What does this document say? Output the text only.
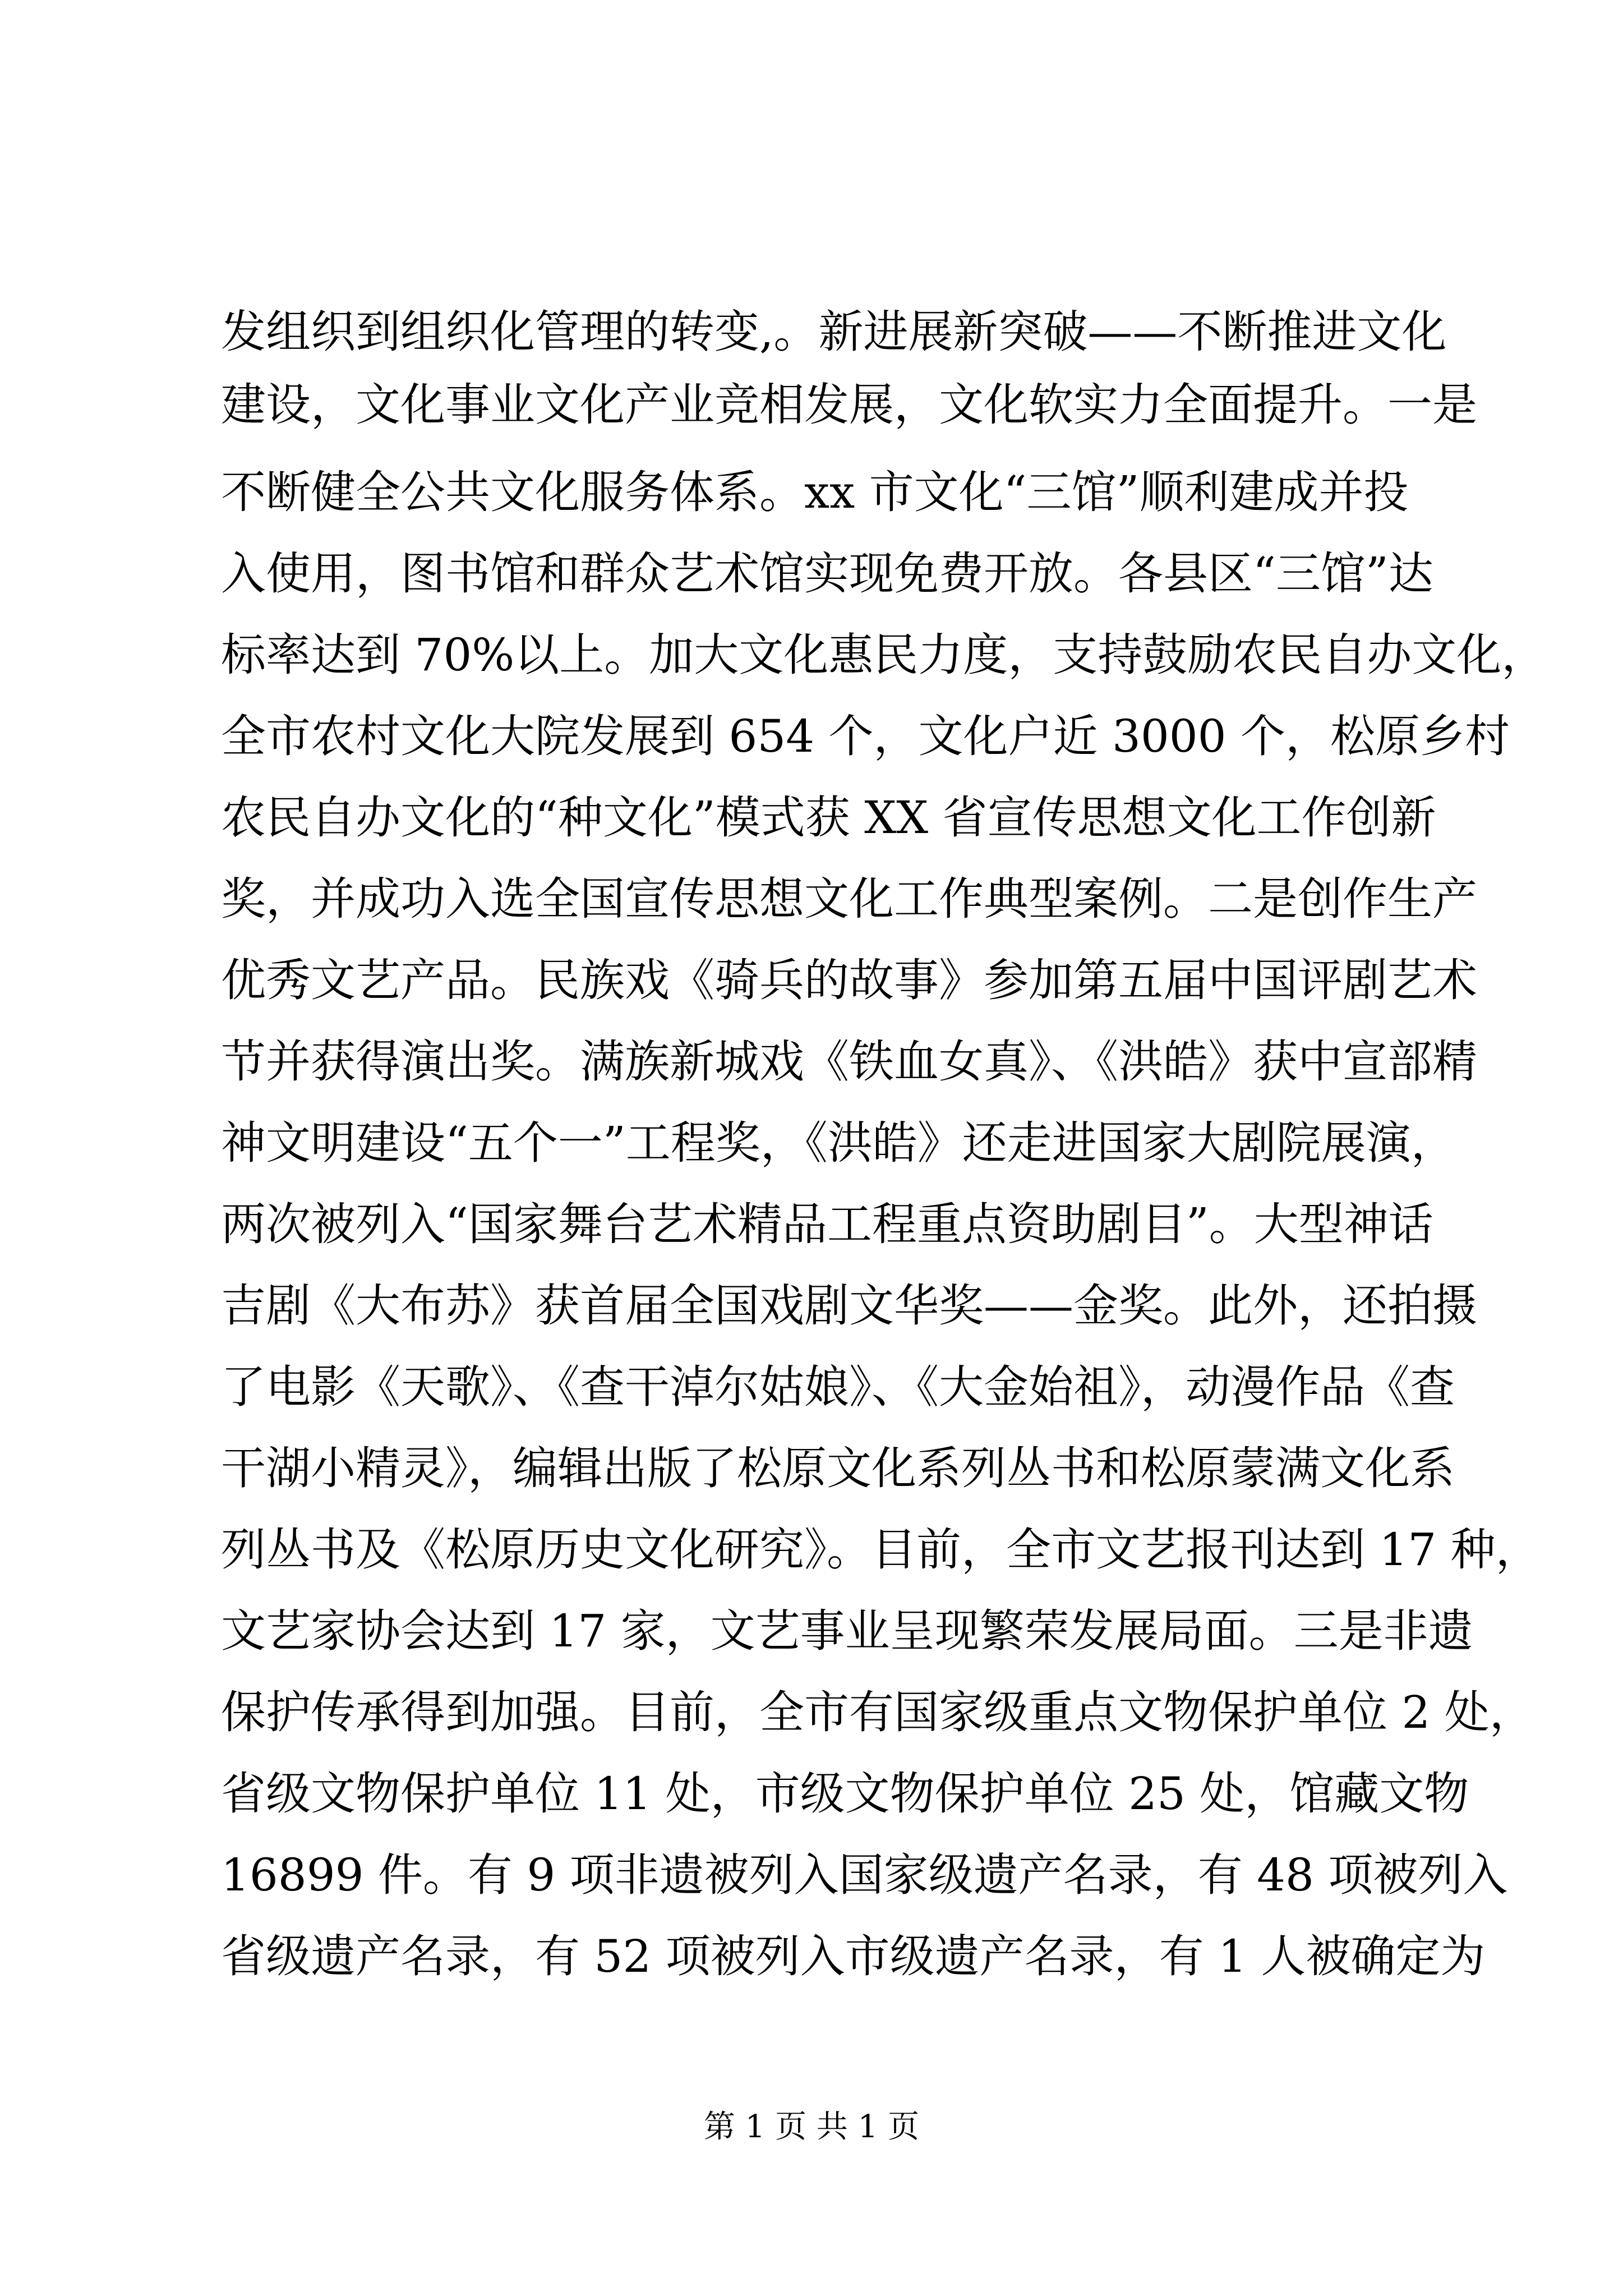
发组织到组织化管理的转变,。新进展新突破——不断推进文化
建设，文化事业文化产业竞相发展，文化软实力全面提升。一是
不断健全公共文化服务体系。xx 市文化“三馆”顺利建成并投
入使用，图书馆和群众艺术馆实现免费开放。各县区“三馆”达
标率达到 70%以上。加大文化惠民力度，支持鼓励农民自办文化，
全市农村文化大院发展到 654 个，文化户近 3000 个，松原乡村
农民自办文化的“种文化”模式获 XX 省宣传思想文化工作创新
奖，并成功入选全国宣传思想文化工作典型案例。二是创作生产
优秀文艺产品。民族戏《骑兵的故事》参加第五届中国评剧艺术
节并获得演出奖。满族新城戏《铁血女真》、《洪皓》获中宣部精
神文明建设“五个一”工程奖，《洪皓》还走进国家大剧院展演，
两次被列入“国家舞台艺术精品工程重点资助剧目”。大型神话
吉剧《大布苏》获首届全国戏剧文华奖——金奖。此外，还拍摄
了电影《天歌》、《查干淖尔姑娘》、《大金始祖》，动漫作品《查
干湖小精灵》，编辑出版了松原文化系列丛书和松原蒙满文化系
列丛书及《松原历史文化研究》。目前，全市文艺报刊达到 17 种，
文艺家协会达到 17 家，文艺事业呈现繁荣发展局面。三是非遗
保护传承得到加强。目前，全市有国家级重点文物保护单位 2 处，
省级文物保护单位 11 处，市级文物保护单位 25 处，馆藏文物
16899 件。有 9 项非遗被列入国家级遗产名录，有 48 项被列入
省级遗产名录，有 52 项被列入市级遗产名录，有 1 人被确定为
第 1 页 共 1 页
